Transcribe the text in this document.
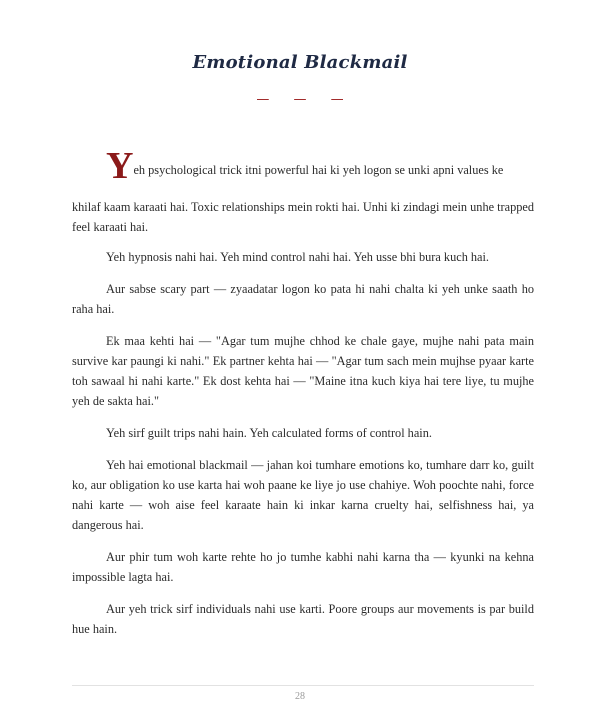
Emotional Blackmail
— — —

Yeh psychological trick itni powerful hai ki yeh logon se unki apni values ke
khilaf kaam karaati hai. Toxic relationships mein rokti hai. Unhi ki zindagi mein unhe trapped feel karaati hai.

Yeh hypnosis nahi hai. Yeh mind control nahi hai. Yeh usse bhi bura kuch hai.

Aur sabse scary part — zyaadatar logon ko pata hi nahi chalta ki yeh unke saath ho raha hai.

Ek maa kehti hai — "Agar tum mujhe chhod ke chale gaye, mujhe nahi pata main survive kar paungi ki nahi." Ek partner kehta hai — "Agar tum sach mein mujhse pyaar karte toh sawaal hi nahi karte." Ek dost kehta hai — "Maine itna kuch kiya hai tere liye, tu mujhe yeh de sakta hai."

Yeh sirf guilt trips nahi hain. Yeh calculated forms of control hain.

Yeh hai emotional blackmail — jahan koi tumhare emotions ko, tumhare darr ko, guilt ko, aur obligation ko use karta hai woh paane ke liye jo use chahiye. Woh poochte nahi, force nahi karte — woh aise feel karaate hain ki inkar karna cruelty hai, selfishness hai, ya dangerous hai.

Aur phir tum woh karte rehte ho jo tumhe kabhi nahi karna tha — kyunki na kehna impossible lagta hai.

Aur yeh trick sirf individuals nahi use karti. Poore groups aur movements is par build hue hain.

28
